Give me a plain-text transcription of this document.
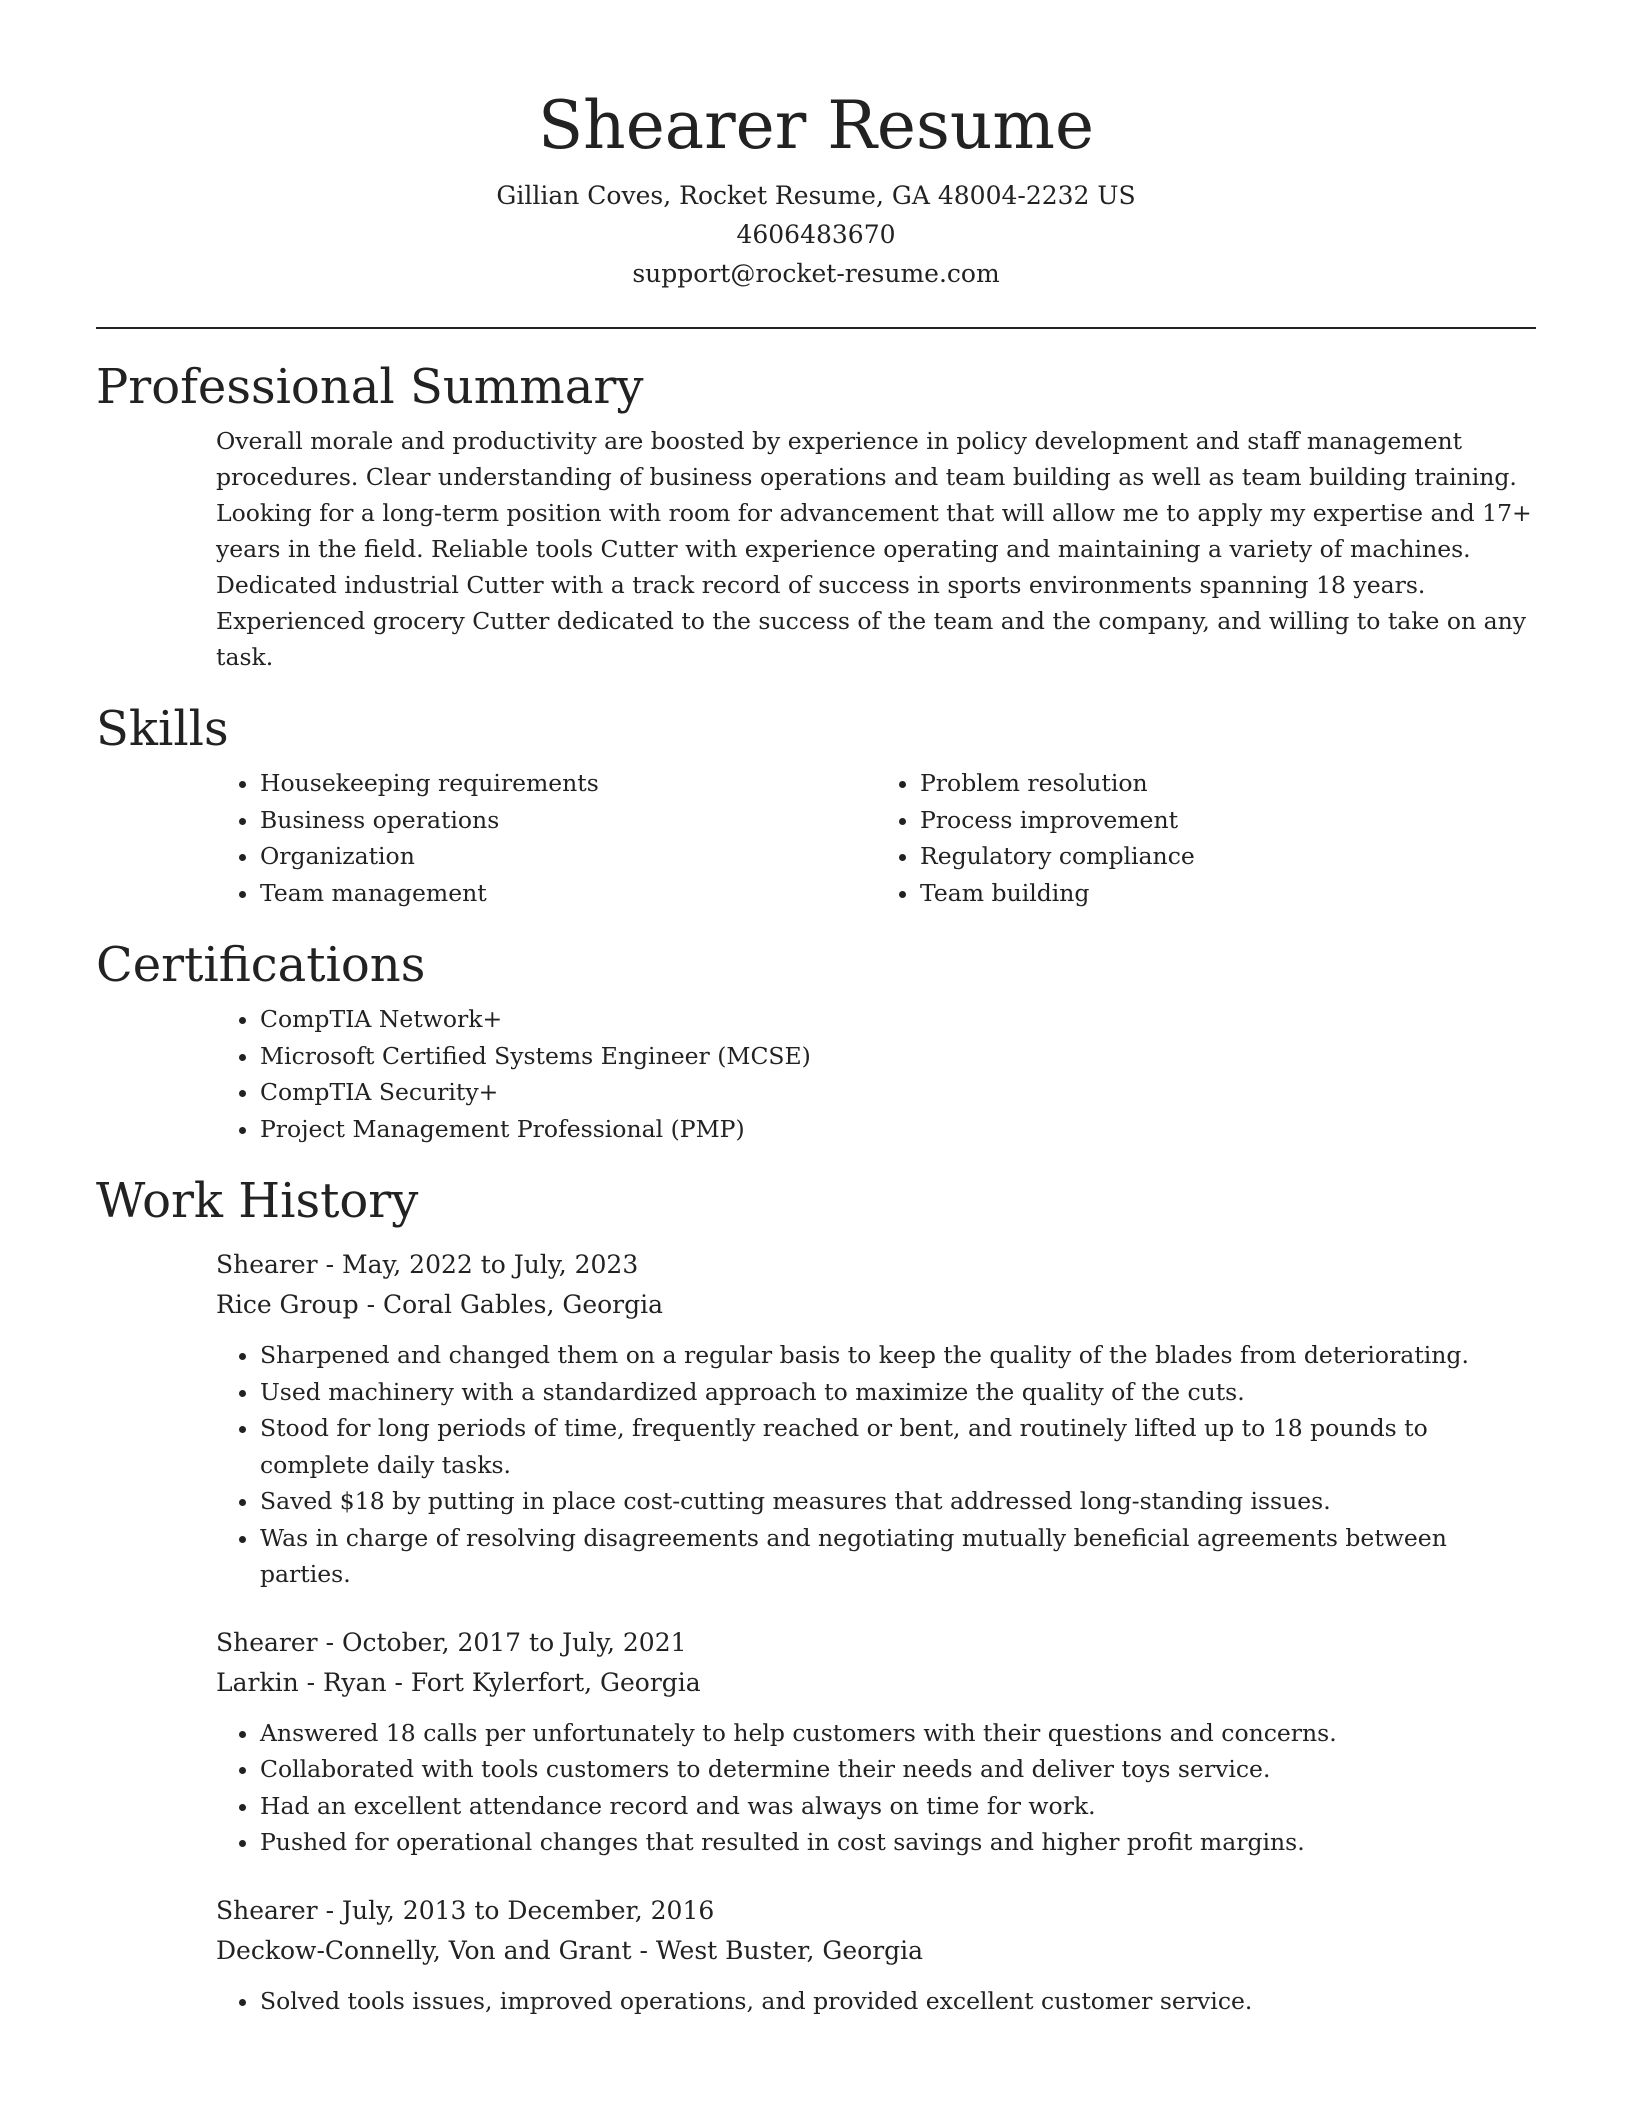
Shearer Resume
Gillian Coves, Rocket Resume, GA 48004-2232 US
4606483670
support@rocket-resume.com
Professional Summary
Overall morale and productivity are boosted by experience in policy development and staff management procedures. Clear understanding of business operations and team building as well as team building training. Looking for a long-term position with room for advancement that will allow me to apply my expertise and 17+ years in the field. Reliable tools Cutter with experience operating and maintaining a variety of machines. Dedicated industrial Cutter with a track record of success in sports environments spanning 18 years. Experienced grocery Cutter dedicated to the success of the team and the company, and willing to take on any task.
Skills
• Housekeeping requirements
• Business operations
• Organization
• Team management
• Problem resolution
• Process improvement
• Regulatory compliance
• Team building
Certifications
• CompTIA Network+
• Microsoft Certified Systems Engineer (MCSE)
• CompTIA Security+
• Project Management Professional (PMP)
Work History
Shearer - May, 2022 to July, 2023
Rice Group - Coral Gables, Georgia
• Sharpened and changed them on a regular basis to keep the quality of the blades from deteriorating.
• Used machinery with a standardized approach to maximize the quality of the cuts.
• Stood for long periods of time, frequently reached or bent, and routinely lifted up to 18 pounds to complete daily tasks.
• Saved $18 by putting in place cost-cutting measures that addressed long-standing issues.
• Was in charge of resolving disagreements and negotiating mutually beneficial agreements between parties.
Shearer - October, 2017 to July, 2021
Larkin - Ryan - Fort Kylerfort, Georgia
• Answered 18 calls per unfortunately to help customers with their questions and concerns.
• Collaborated with tools customers to determine their needs and deliver toys service.
• Had an excellent attendance record and was always on time for work.
• Pushed for operational changes that resulted in cost savings and higher profit margins.
Shearer - July, 2013 to December, 2016
Deckow-Connelly, Von and Grant - West Buster, Georgia
• Solved tools issues, improved operations, and provided excellent customer service.
